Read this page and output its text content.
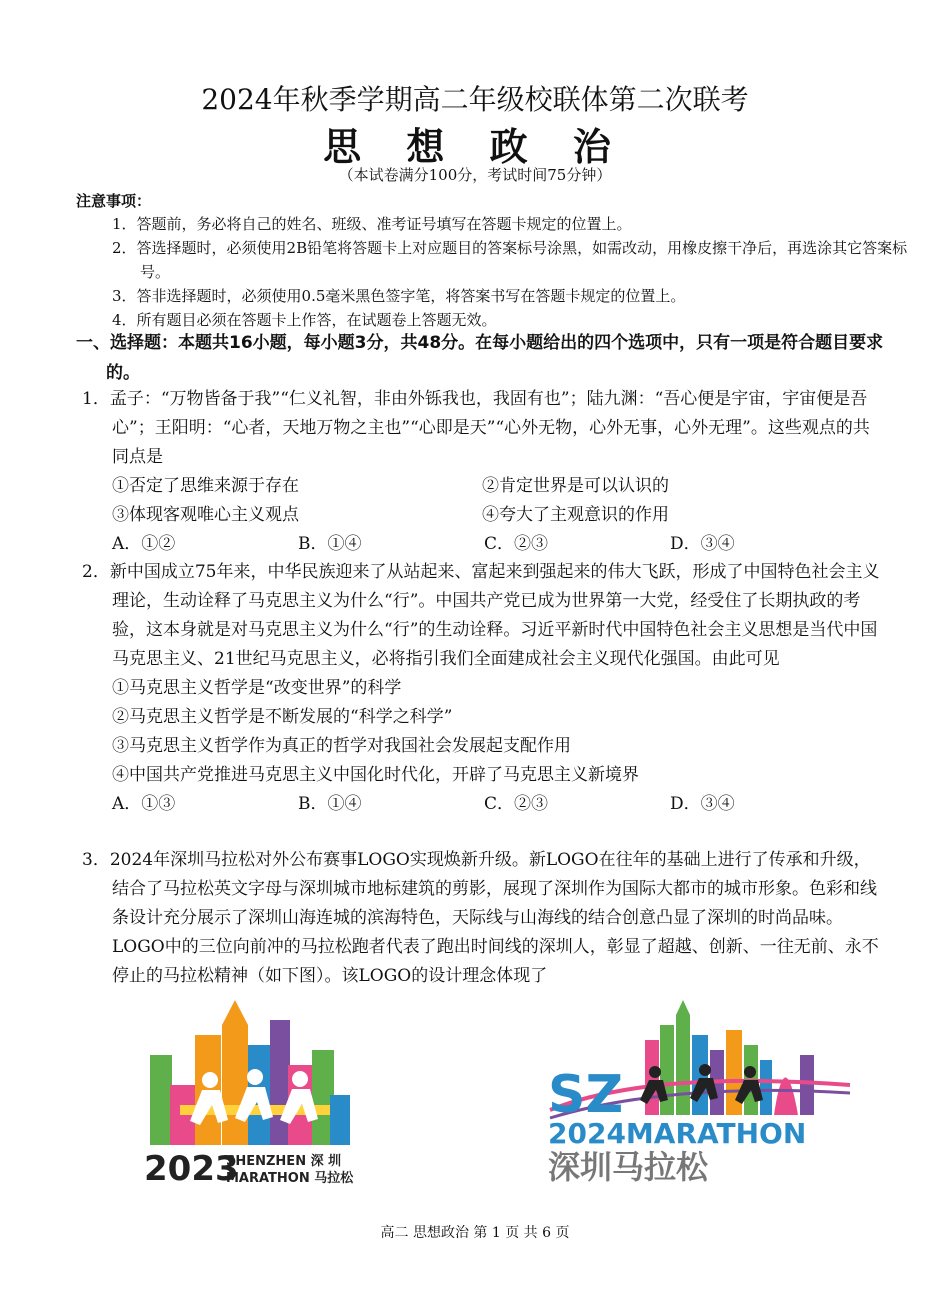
2024年秋季学期高二年级校联体第二次联考
思 想 政 治
（本试卷满分100分，考试时间75分钟）
注意事项：
1．答题前，务必将自己的姓名、班级、准考证号填写在答题卡规定的位置上。
2．答选择题时，必须使用2B铅笔将答题卡上对应题目的答案标号涂黑，如需改动，用橡皮擦干净后，再选涂其它答案标号。
3．答非选择题时，必须使用0.5毫米黑色签字笔，将答案书写在答题卡规定的位置上。
4．所有题目必须在答题卡上作答，在试题卷上答题无效。
一、选择题：本题共16小题，每小题3分，共48分。在每小题给出的四个选项中，只有一项是符合题目要求的。
1．孟子：“万物皆备于我”“仁义礼智，非由外铄我也，我固有也”；陆九渊：“吾心便是宇宙，宇宙便是吾心”；王阳明：“心者，天地万物之主也”“心即是天”“心外无物，心外无事，心外无理”。这些观点的共同点是
①否定了思维来源于存在	②肯定世界是可以认识的
③体现客观唯心主义观点	④夸大了主观意识的作用
A．①②	B．①④	C．②③	D．③④
2．新中国成立75年来，中华民族迎来了从站起来、富起来到强起来的伟大飞跃，形成了中国特色社会主义理论，生动诠释了马克思主义为什么“行”。中国共产党已成为世界第一大党，经受住了长期执政的考验，这本身就是对马克思主义为什么“行”的生动诠释。习近平新时代中国特色社会主义思想是当代中国马克思主义、21世纪马克思主义，必将指引我们全面建成社会主义现代化强国。由此可见
①马克思主义哲学是“改变世界”的科学
②马克思主义哲学是不断发展的“科学之科学”
③马克思主义哲学作为真正的哲学对我国社会发展起支配作用
④中国共产党推进马克思主义中国化时代化，开辟了马克思主义新境界
A．①③	B．①④	C．②③	D．③④
3．2024年深圳马拉松对外公布赛事LOGO实现焕新升级。新LOGO在往年的基础上进行了传承和升级，结合了马拉松英文字母与深圳城市地标建筑的剪影，展现了深圳作为国际大都市的城市形象。色彩和线条设计充分展示了深圳山海连城的滨海特色，天际线与山海线的结合创意凸显了深圳的时尚品味。LOGO中的三位向前冲的马拉松跑者代表了跑出时间线的深圳人，彰显了超越、创新、一往无前、永不停止的马拉松精神（如下图）。该LOGO的设计理念体现了
2023
SHENZHEN 深 圳
MARATHON 马拉松
SZ
2024MARATHON
深圳马拉松
高二 思想政治 第 1 页 共 6 页
